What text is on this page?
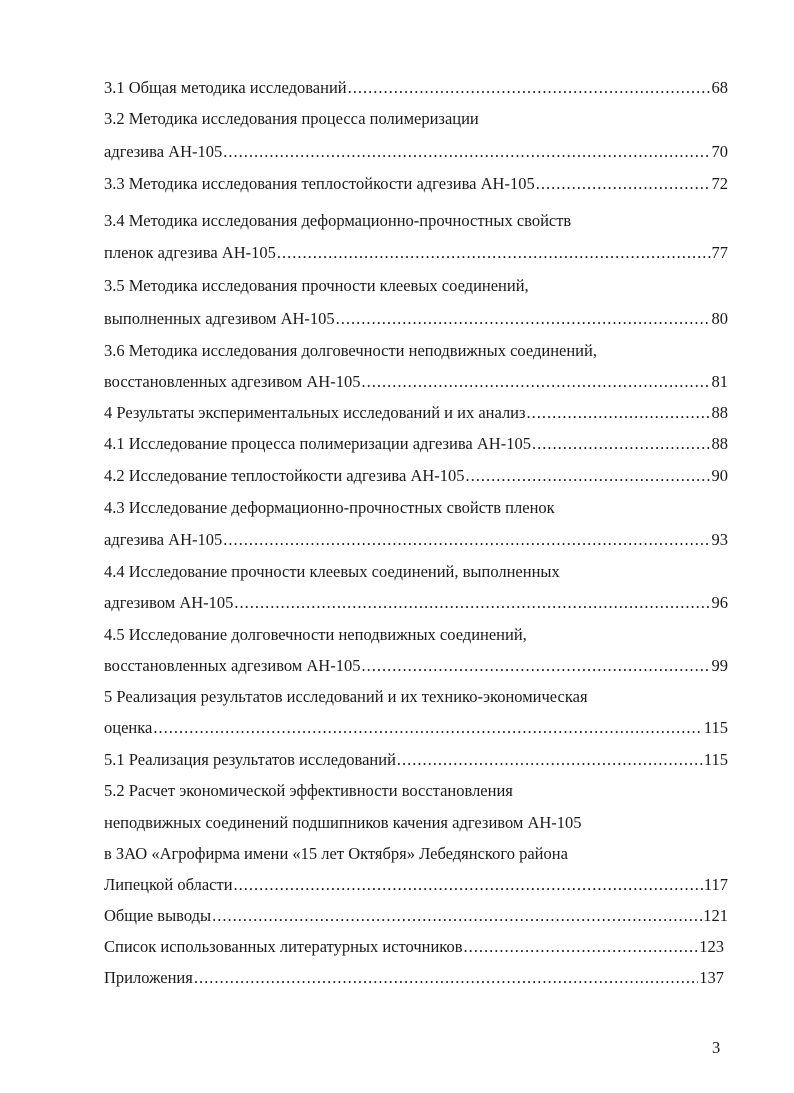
3.1 Общая методика исследований .....	68
3.2 Методика исследования процесса полимеризации
адгезива АН-105 .....	70
3.3 Методика исследования теплостойкости адгезива АН-105 .....	72
3.4 Методика исследования деформационно-прочностных свойств
пленок адгезива АН-105 .....	77
3.5 Методика исследования прочности клеевых соединений,
выполненных адгезивом АН-105 .....	80
3.6 Методика исследования долговечности неподвижных соединений,
восстановленных адгезивом АН-105 .....	81
4 Результаты экспериментальных исследований и их анализ .....	88
4.1 Исследование процесса полимеризации адгезива АН-105 .....	88
4.2 Исследование теплостойкости адгезива АН-105 .....	90
4.3 Исследование деформационно-прочностных свойств пленок
адгезива АН-105 .....	93
4.4 Исследование прочности клеевых соединений, выполненных
адгезивом АН-105 .....	96
4.5 Исследование долговечности неподвижных соединений,
восстановленных адгезивом АН-105 .....	99
5 Реализация результатов исследований и их технико-экономическая
оценка .....	115
5.1 Реализация результатов исследований .....	115
5.2 Расчет экономической эффективности восстановления
неподвижных соединений подшипников качения адгезивом АН-105
в ЗАО «Агрофирма имени «15 лет Октября» Лебедянского района
Липецкой области .....	117
Общие выводы .....	121
Список использованных литературных источников .....	123
Приложения .....	137
3
